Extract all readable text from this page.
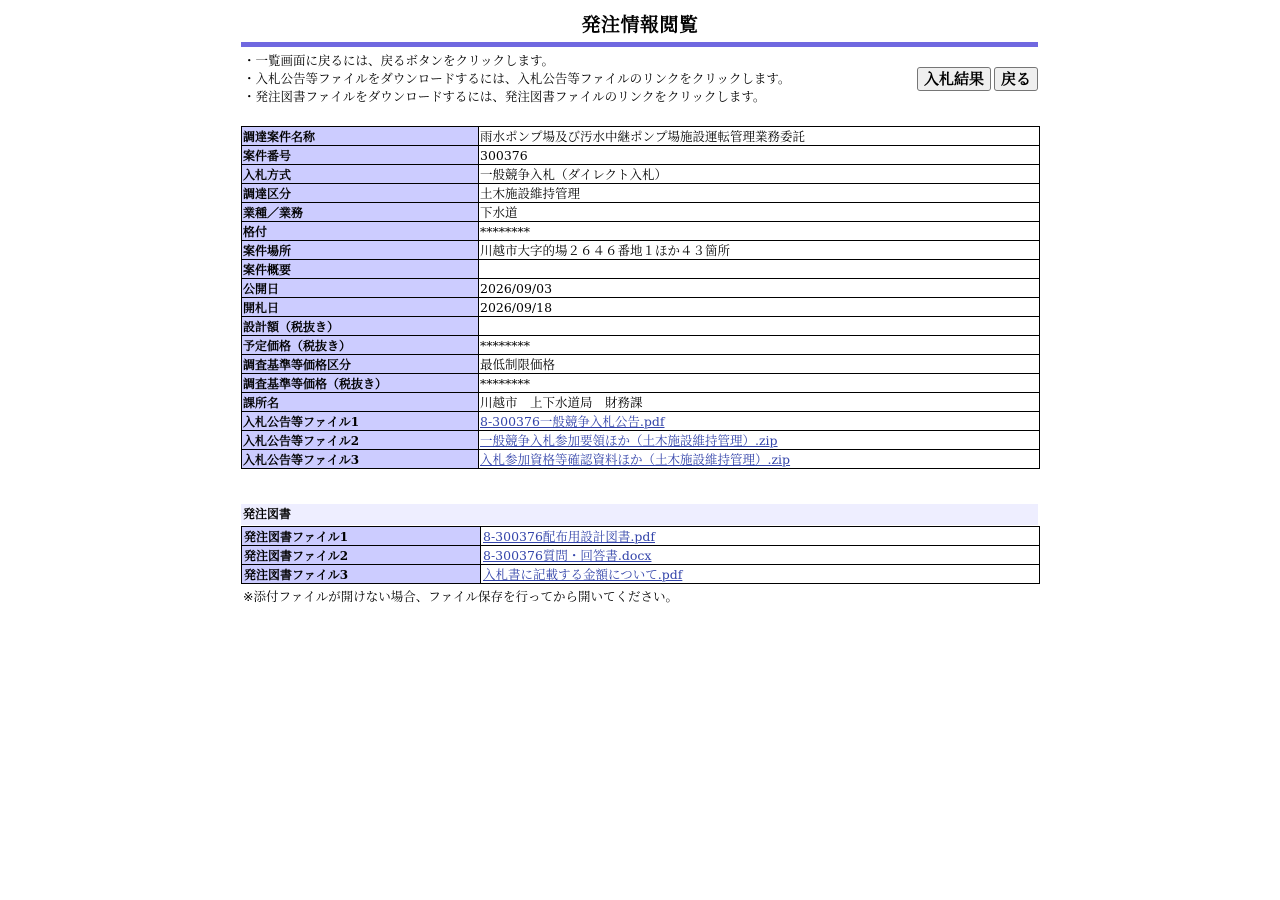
発注情報閲覧
・一覧画面に戻るには、戻るボタンをクリックします。
・入札公告等ファイルをダウンロードするには、入札公告等ファイルのリンクをクリックします。
・発注図書ファイルをダウンロードするには、発注図書ファイルのリンクをクリックします。
入札結果	戻る
調達案件名称	雨水ポンプ場及び汚水中継ポンプ場施設運転管理業務委託
案件番号	300376
入札方式	一般競争入札（ダイレクト入札）
調達区分	土木施設維持管理
業種／業務	下水道
格付	********
案件場所	川越市大字的場２６４６番地１ほか４３箇所
案件概要	
公開日	2026/09/03
開札日	2026/09/18
設計額（税抜き）	
予定価格（税抜き）	********
調査基準等価格区分	最低制限価格
調査基準等価格（税抜き）	********
課所名	川越市　上下水道局　財務課
入札公告等ファイル1	8-300376一般競争入札公告.pdf
入札公告等ファイル2	一般競争入札参加要領ほか（土木施設維持管理）.zip
入札公告等ファイル3	入札参加資格等確認資料ほか（土木施設維持管理）.zip
発注図書
発注図書ファイル1	8-300376配布用設計図書.pdf
発注図書ファイル2	8-300376質問・回答書.docx
発注図書ファイル3	入札書に記載する金額について.pdf
※添付ファイルが開けない場合、ファイル保存を行ってから開いてください。
